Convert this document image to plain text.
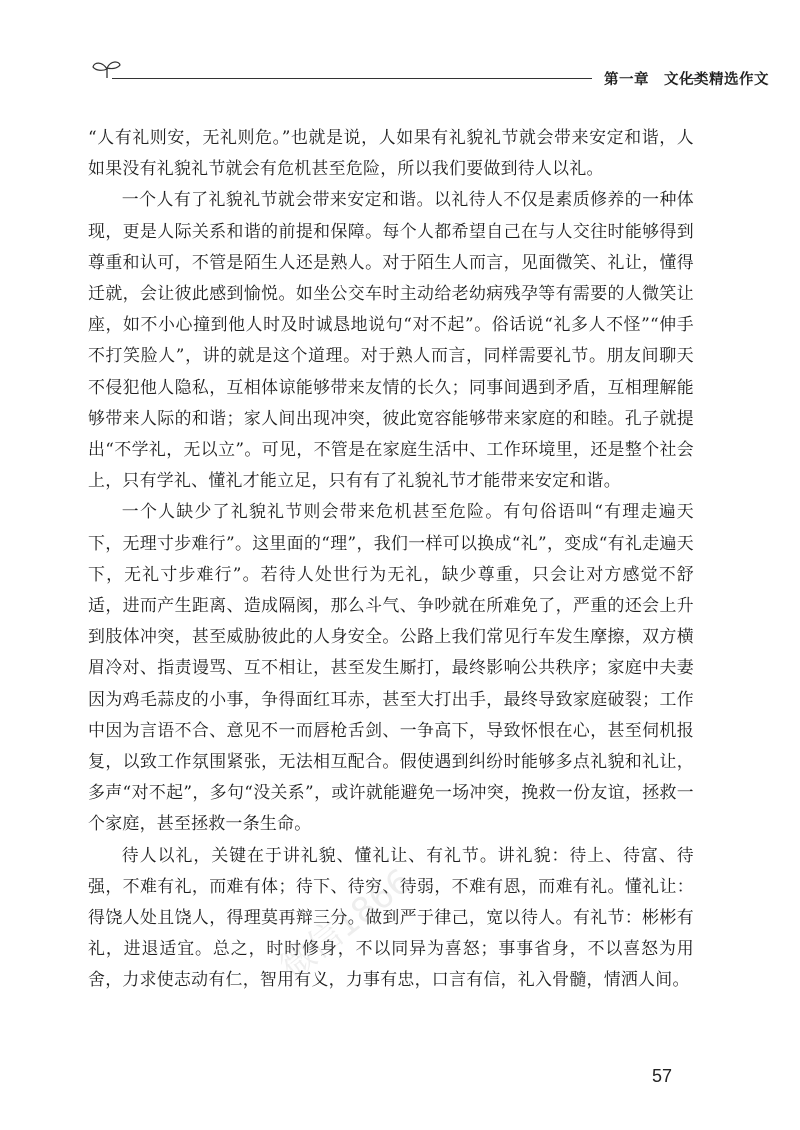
第一章　文化类精选作文

“人有礼则安，无礼则危。”也就是说，人如果有礼貌礼节就会带来安定和谐，人如果没有礼貌礼节就会有危机甚至危险，所以我们要做到待人以礼。

一个人有了礼貌礼节就会带来安定和谐。以礼待人不仅是素质修养的一种体现，更是人际关系和谐的前提和保障。每个人都希望自己在与人交往时能够得到尊重和认可，不管是陌生人还是熟人。对于陌生人而言，见面微笑、礼让，懂得迁就，会让彼此感到愉悦。如坐公交车时主动给老幼病残孕等有需要的人微笑让座，如不小心撞到他人时及时诚恳地说句“对不起”。俗话说“礼多人不怪”“伸手不打笑脸人”，讲的就是这个道理。对于熟人而言，同样需要礼节。朋友间聊天不侵犯他人隐私，互相体谅能够带来友情的长久；同事间遇到矛盾，互相理解能够带来人际的和谐；家人间出现冲突，彼此宽容能够带来家庭的和睦。孔子就提出“不学礼，无以立”。可见，不管是在家庭生活中、工作环境里，还是整个社会上，只有学礼、懂礼才能立足，只有有了礼貌礼节才能带来安定和谐。

一个人缺少了礼貌礼节则会带来危机甚至危险。有句俗语叫“有理走遍天下，无理寸步难行”。这里面的“理”，我们一样可以换成“礼”，变成“有礼走遍天下，无礼寸步难行”。若待人处世行为无礼，缺少尊重，只会让对方感觉不舒适，进而产生距离、造成隔阂，那么斗气、争吵就在所难免了，严重的还会上升到肢体冲突，甚至威胁彼此的人身安全。公路上我们常见行车发生摩擦，双方横眉冷对、指责谩骂、互不相让，甚至发生厮打，最终影响公共秩序；家庭中夫妻因为鸡毛蒜皮的小事，争得面红耳赤，甚至大打出手，最终导致家庭破裂；工作中因为言语不合、意见不一而唇枪舌剑、一争高下，导致怀恨在心，甚至伺机报复，以致工作氛围紧张，无法相互配合。假使遇到纠纷时能够多点礼貌和礼让，多声“对不起”，多句“没关系”，或许就能避免一场冲突，挽救一份友谊，拯救一个家庭，甚至拯救一条生命。

待人以礼，关键在于讲礼貌、懂礼让、有礼节。讲礼貌：待上、待富、待强，不难有礼，而难有体；待下、待穷、待弱，不难有恩，而难有礼。懂礼让：得饶人处且饶人，得理莫再辩三分。做到严于律己，宽以待人。有礼节：彬彬有礼，进退适宜。总之，时时修身，不以同异为喜怒；事事省身，不以喜怒为用舍，力求使志动有仁，智用有义，力事有忠，口言有信，礼入骨髓，情洒人间。

微信1866
57
